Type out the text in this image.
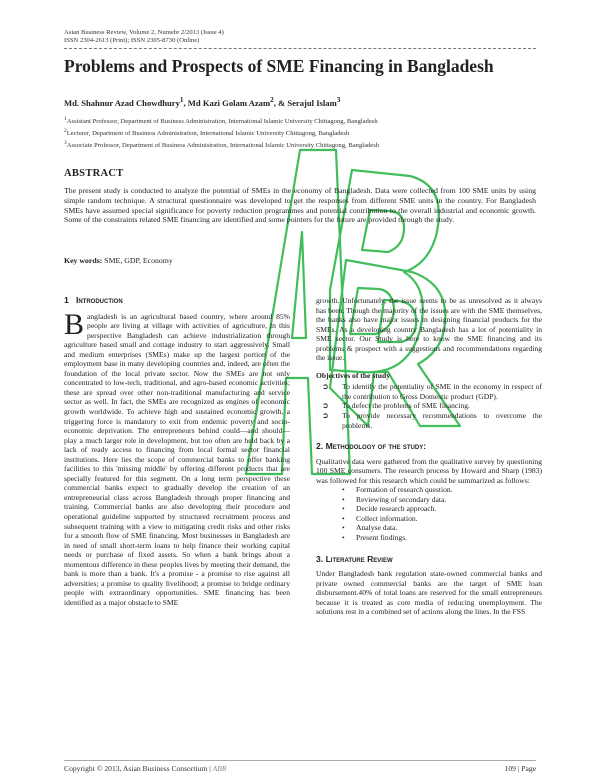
ABR
Asian Business Review, Volume 2, Numebr 2/2013 (Issue 4)
ISSN 2304-2613 (Print); ISSN 2305-8730 (Online)
Problems and Prospects of SME Financing in Bangladesh
Md. Shahnur Azad Chowdhury$^1$, Md Kazi Golam Azam$^2$, & Serajul Islam$^3$
$^1$Assistant Professor, Department of Business Administration, International Islamic University Chittagong, Bangladesh
$^2$Lecturer, Department of Business Administration, International Islamic University Chittagong, Bangladesh
$^3$Associate Professor, Department of Business Administration, International Islamic University Chittagong, Bangladesh
ABSTRACT
The present study is conducted to analyze the potential of SMEs in the economy of Bangladesh. Data were collected from 100 SME units by using simple random technique. A structural questionnaire was developed to get the responses from different SME units in the country. For Bangladesh SMEs have assumed special significance for poverty reduction programmes and potential contribution to the overall industrial and economic growth. Some of the constraints related SME financing are identified and some pointers for the future are provided through the study.
Key words: SME, GDP, Economy
1 Introduction
Bangladesh is an agricultural based country, where around 85% people are living at village with activities of agriculture, in this perspective Bangladesh can achieve industrialization through agriculture based small and cottage industry to start aggressively. Small and medium enterprises (SMEs) make up the largest portion of the employment base in many developing countries and, indeed, are often the foundation of the local private sector. Now the SMEs are not only concentrated to low-tech, traditional, and agro-based economic activities; these are spread over other non-traditional manufacturing and service sector as well. In fact, the SMEs are recognized as engines of economic growth worldwide. To achieve high and sustained economic growth, a triggering force is mandatory to exit from endemic poverty and socio-economic deprivation. The entrepreneurs behind could—and should—play a much larger role in development, but too often are held back by a lack of ready access to financing from local formal sector financial institutions. Here lies the scope of commercial banks to offer banking facilities to this 'missing middle' by offering different products that are specially featured for this segment. On a long term perspective these commercial banks expect to gradually develop the creation of an entrepreneurial class across Bangladesh through proper financing and training. Commercial banks are also developing their procedure and operational guideline supported by structured recruitment process and subsequent training with a view to mitigating credit risks and other risks for a smooth flow of SME financing. Most businesses in Bangladesh are in need of small short-term loans to help finance their working capital needs or purchase of fixed assets. So when a bank brings about a momentous difference in these peoples lives by meeting their demand, the bank is more than a bank. It's a promise - a promise to rise against all adversities; a promise to quality livelihood; a promise to bridge ordinary people with extraordinary opportunities. SME financing has been identified as a major obstacle to SME
growth. Unfortunately, the issue seems to be as unresolved as it always has been. Though the majority of the issues are with the SME themselves, the banks also have major issues in designing financial products for the SMEs. As a developing country Bangladesh has a lot of potentiality in SME sector. Our Study is here to know the SME financing and its problems & prospect with a suggestions and recommendations regarding the issue.
Objectives of the study
➲ To identify the potentiality of SME in the economy in respect of the contribution to Gross Domestic product (GDP).
➲ To defect the problems of SME financing.
➲ To provide necessary recommendations to overcome the problems.
2. Methodology of the study:
Qualitative data were gathered from the qualitative survey by questioning 100 SME consumers. The research process by Howard and Sharp (1983) was followed for this research which could be summarized as follows:
• Formation of research question.
• Reviewing of secondary data.
• Decide research approach.
• Collect information.
• Analyse data.
• Present findings.
3. Literature Review
Under Bangladesh bank regulation state-owned commercial banks and private owned commercial banks are the target of SME loan disbursement.40% of total loans are reserved for the small entrepreneurs because it is treated as core media of reducing unemployment. The solutions rest in a combined set of actions along the lines. In the FSS
Copyright © 2013, Asian Business Consortium | ABR	109 | Page
